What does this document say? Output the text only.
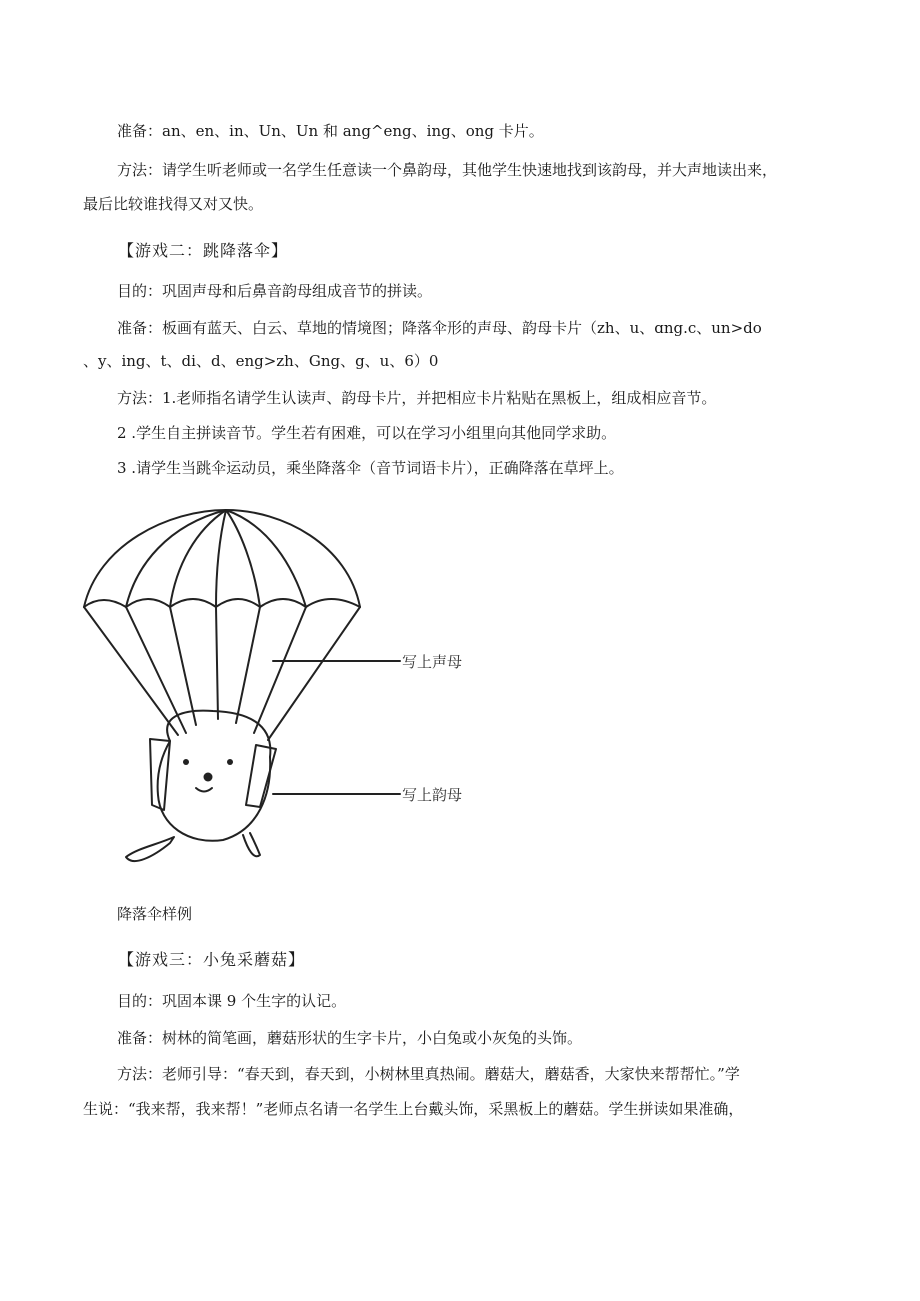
准备：an、en、in、Un、Un 和 ang^eng、ing、ong 卡片。

方法：请学生听老师或一名学生任意读一个鼻韵母，其他学生快速地找到该韵母，并大声地读出来，

最后比较谁找得又对又快。

【游戏二：跳降落伞】

目的：巩固声母和后鼻音韵母组成音节的拼读。

准备：板画有蓝天、白云、草地的情境图；降落伞形的声母、韵母卡片（zh、u、ɑng.c、un>do

、y、ing、t、di、d、eng>zh、Gng、g、u、6）0

方法：1.老师指名请学生认读声、韵母卡片，并把相应卡片粘贴在黑板上，组成相应音节。

2 .学生自主拼读音节。学生若有困难，可以在学习小组里向其他同学求助。

3 .请学生当跳伞运动员，乘坐降落伞（音节词语卡片），正确降落在草坪上。

写上声母
写上韵母

降落伞样例

【游戏三：小兔采蘑菇】

目的：巩固本课 9 个生字的认记。

准备：树林的简笔画，蘑菇形状的生字卡片，小白兔或小灰兔的头饰。

方法：老师引导：“春天到，春天到，小树林里真热闹。蘑菇大，蘑菇香，大家快来帮帮忙。”学

生说：“我来帮，我来帮！”老师点名请一名学生上台戴头饰，采黑板上的蘑菇。学生拼读如果准确，
